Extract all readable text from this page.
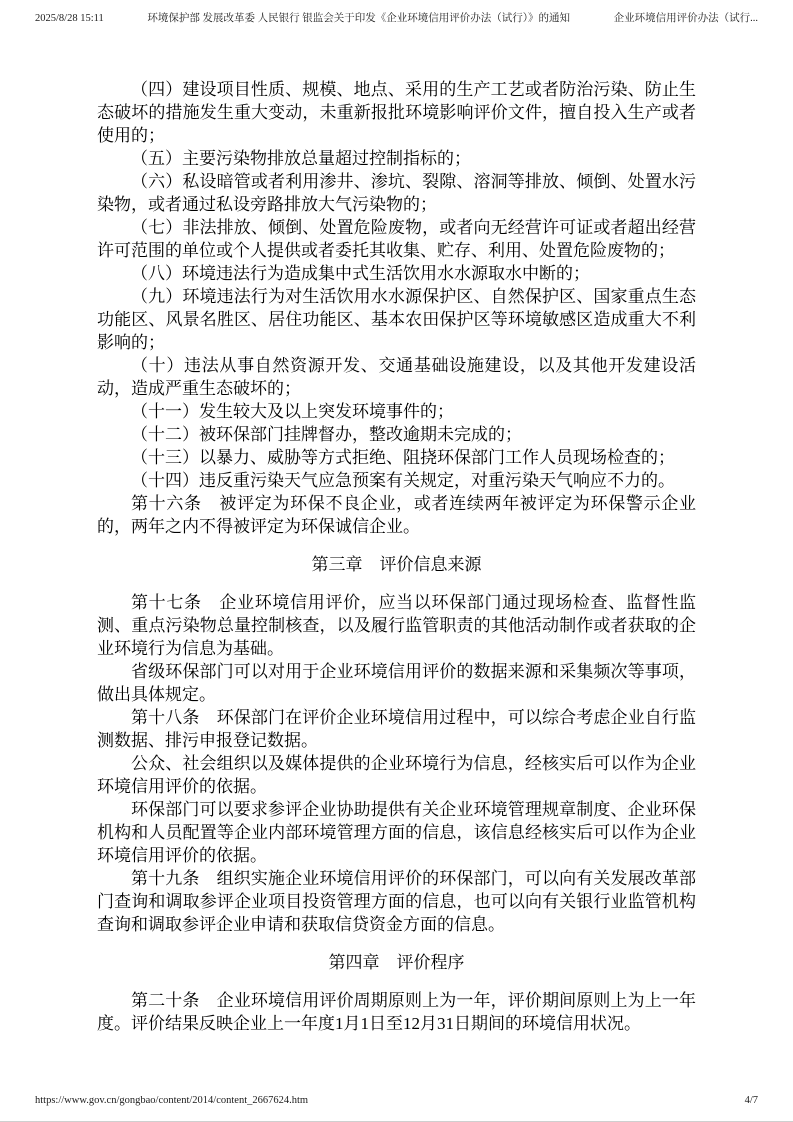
2025/8/28 15:11	环境保护部 发展改革委 人民银行 银监会关于印发《企业环境信用评价办法（试行）》的通知	企业环境信用评价办法（试行...

（四）建设项目性质、规模、地点、采用的生产工艺或者防治污染、防止生态破坏的措施发生重大变动，未重新报批环境影响评价文件，擅自投入生产或者使用的；

（五）主要污染物排放总量超过控制指标的；

（六）私设暗管或者利用渗井、渗坑、裂隙、溶洞等排放、倾倒、处置水污染物，或者通过私设旁路排放大气污染物的；

（七）非法排放、倾倒、处置危险废物，或者向无经营许可证或者超出经营许可范围的单位或个人提供或者委托其收集、贮存、利用、处置危险废物的；

（八）环境违法行为造成集中式生活饮用水水源取水中断的；

（九）环境违法行为对生活饮用水水源保护区、自然保护区、国家重点生态功能区、风景名胜区、居住功能区、基本农田保护区等环境敏感区造成重大不利影响的；

（十）违法从事自然资源开发、交通基础设施建设，以及其他开发建设活动，造成严重生态破坏的；

（十一）发生较大及以上突发环境事件的；

（十二）被环保部门挂牌督办，整改逾期未完成的；

（十三）以暴力、威胁等方式拒绝、阻挠环保部门工作人员现场检查的；

（十四）违反重污染天气应急预案有关规定，对重污染天气响应不力的。

第十六条　被评定为环保不良企业，或者连续两年被评定为环保警示企业的，两年之内不得被评定为环保诚信企业。

第三章　评价信息来源

第十七条　企业环境信用评价，应当以环保部门通过现场检查、监督性监测、重点污染物总量控制核查，以及履行监管职责的其他活动制作或者获取的企业环境行为信息为基础。

省级环保部门可以对用于企业环境信用评价的数据来源和采集频次等事项，做出具体规定。

第十八条　环保部门在评价企业环境信用过程中，可以综合考虑企业自行监测数据、排污申报登记数据。

公众、社会组织以及媒体提供的企业环境行为信息，经核实后可以作为企业环境信用评价的依据。

环保部门可以要求参评企业协助提供有关企业环境管理规章制度、企业环保机构和人员配置等企业内部环境管理方面的信息，该信息经核实后可以作为企业环境信用评价的依据。

第十九条　组织实施企业环境信用评价的环保部门，可以向有关发展改革部门查询和调取参评企业项目投资管理方面的信息，也可以向有关银行业监管机构查询和调取参评企业申请和获取信贷资金方面的信息。

第四章　评价程序

第二十条　企业环境信用评价周期原则上为一年，评价期间原则上为上一年度。评价结果反映企业上一年度1月1日至12月31日期间的环境信用状况。

https://www.gov.cn/gongbao/content/2014/content_2667624.htm	4/7
